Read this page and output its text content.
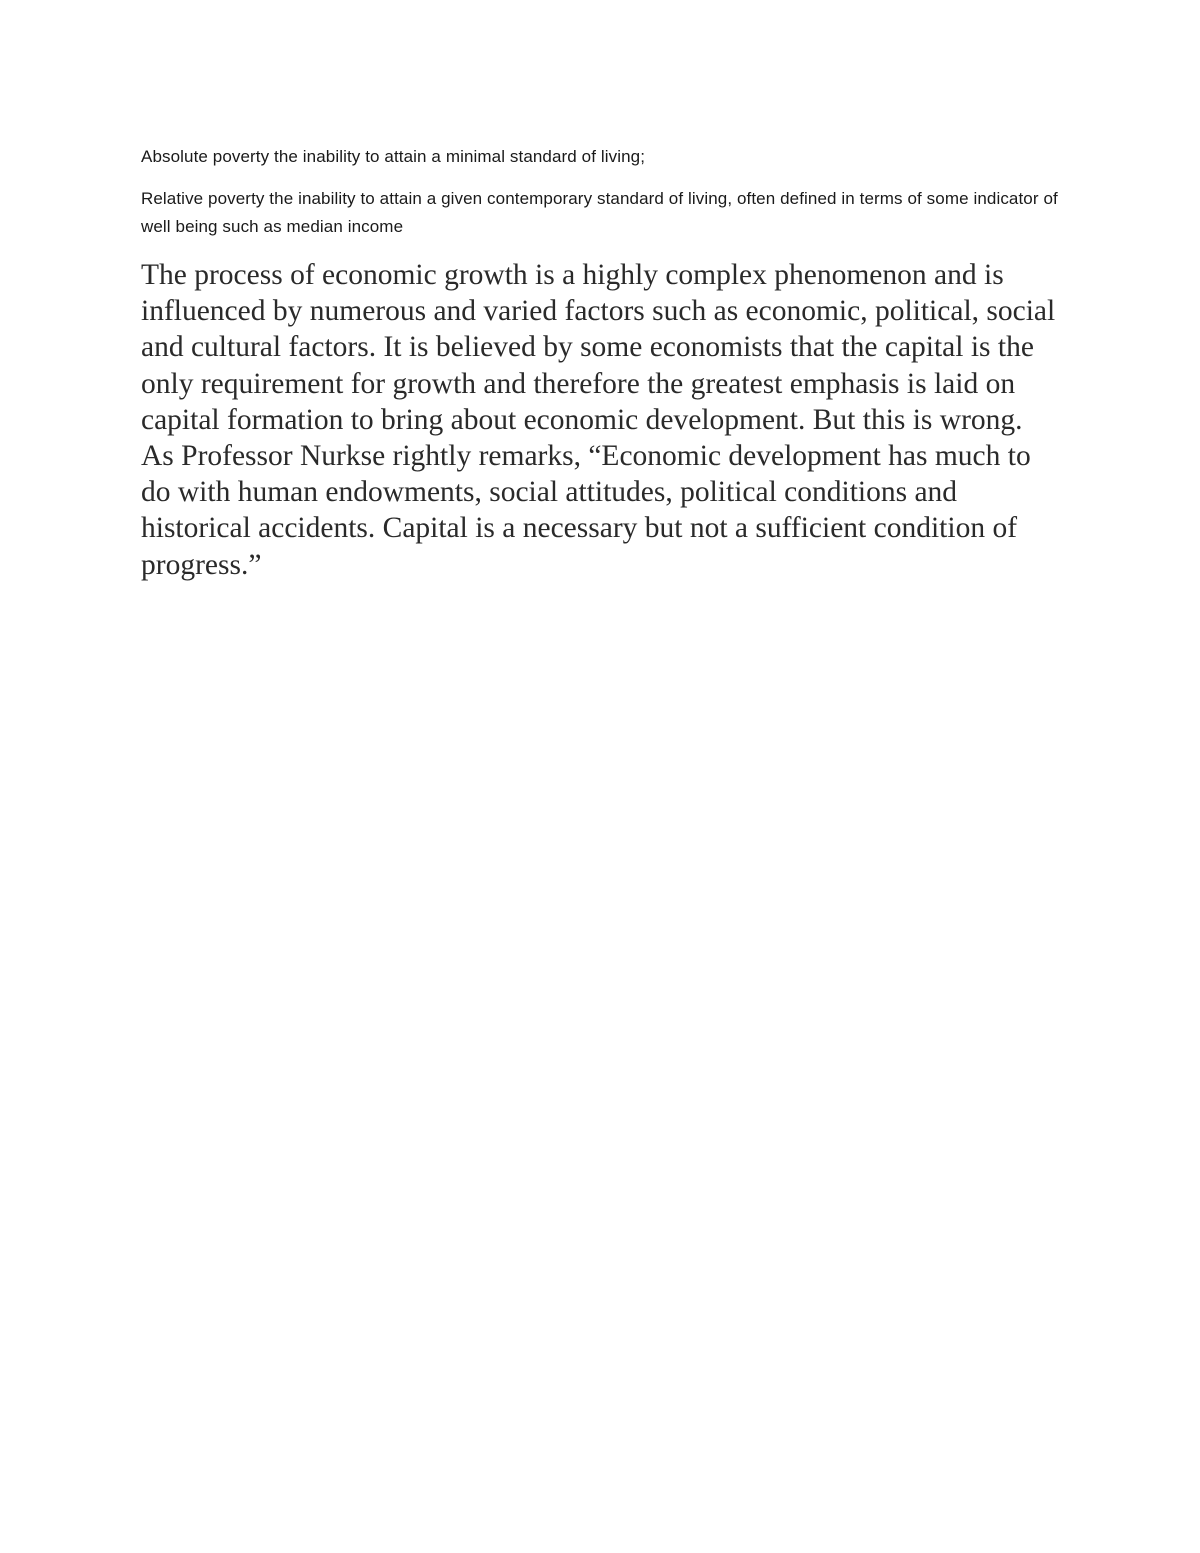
Absolute poverty the inability to attain a minimal standard of living;

Relative poverty the inability to attain a given contemporary standard of living, often defined in terms of some indicator of well being such as median income

The process of economic growth is a highly complex phenomenon and is influenced by numerous and varied factors such as economic, political, social and cultural factors. It is believed by some economists that the capital is the only requirement for growth and therefore the greatest emphasis is laid on capital formation to bring about economic development. But this is wrong. As Professor Nurkse rightly remarks, “Economic development has much to do with human endowments, social attitudes, political conditions and historical accidents. Capital is a necessary but not a sufficient condition of progress.”
